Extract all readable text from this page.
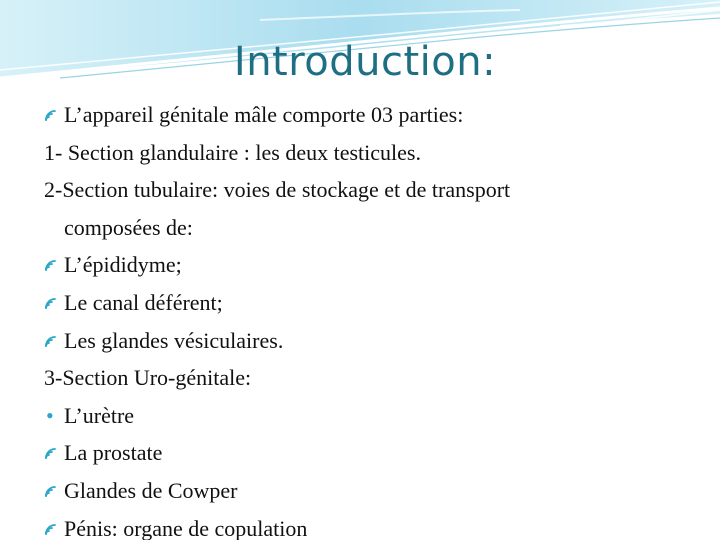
Introduction:
L’appareil génitale mâle comporte 03 parties:
1- Section glandulaire : les deux testicules.
2-Section tubulaire: voies de stockage et de transport
composées de:
L’épididyme;
Le canal déférent;
Les glandes vésiculaires.
3-Section Uro-génitale:
• L’urètre
La prostate
Glandes de Cowper
Pénis: organe de copulation
